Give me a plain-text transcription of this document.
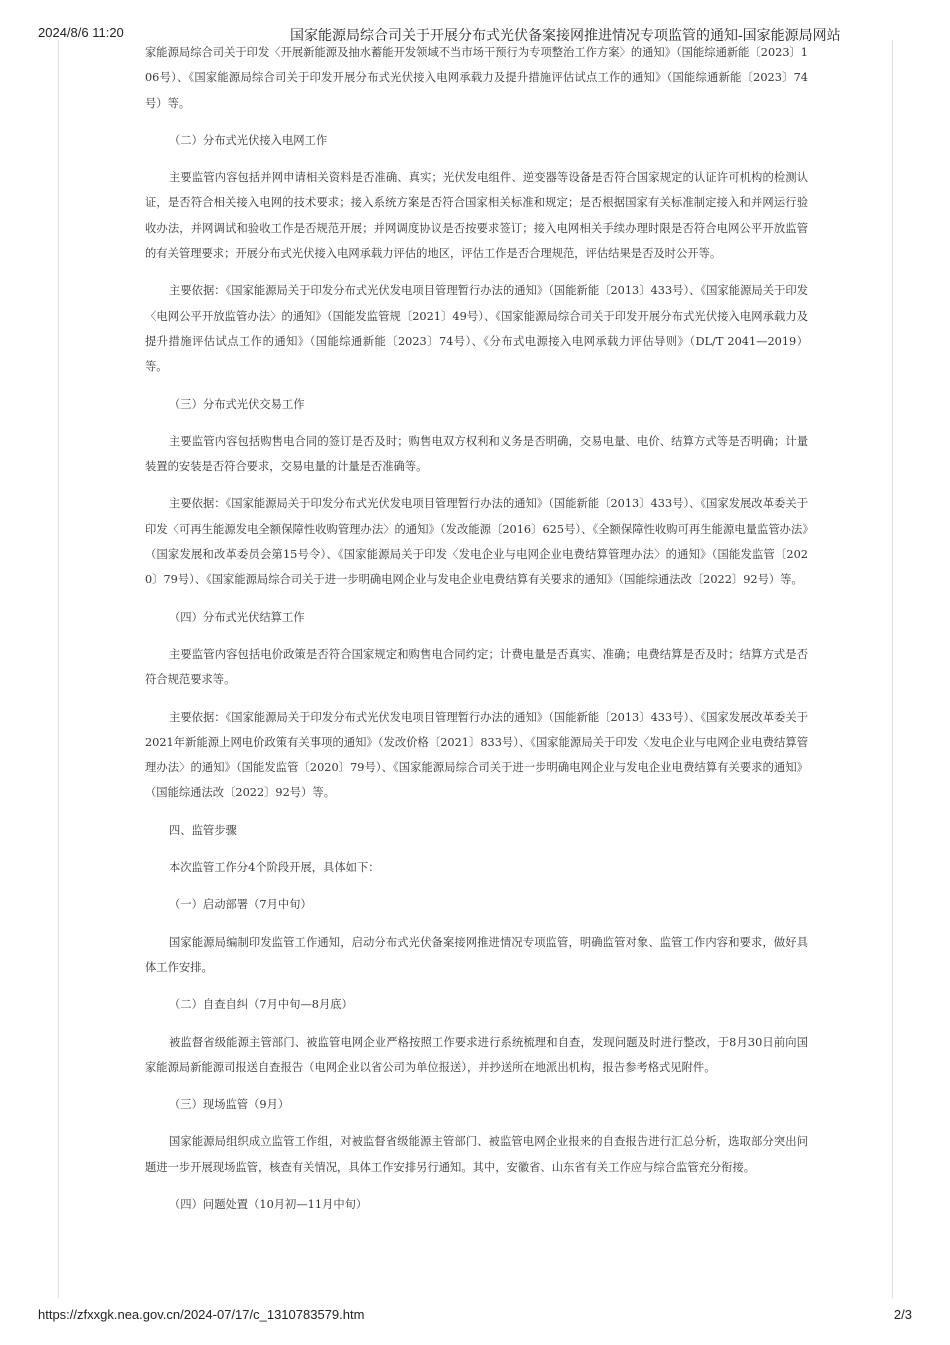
2024/8/6 11:20	国家能源局综合司关于开展分布式光伏备案接网推进情况专项监管的通知-国家能源局网站

家能源局综合司关于印发〈开展新能源及抽水蓄能开发领域不当市场干预行为专项整治工作方案〉的通知》（国能综通新能〔2023〕106号）、《国家能源局综合司关于印发开展分布式光伏接入电网承载力及提升措施评估试点工作的通知》（国能综通新能〔2023〕74号）等。

（二）分布式光伏接入电网工作

主要监管内容包括并网申请相关资料是否准确、真实；光伏发电组件、逆变器等设备是否符合国家规定的认证许可机构的检测认证，是否符合相关接入电网的技术要求；接入系统方案是否符合国家相关标准和规定；是否根据国家有关标准制定接入和并网运行验收办法，并网调试和验收工作是否规范开展；并网调度协议是否按要求签订；接入电网相关手续办理时限是否符合电网公平开放监管的有关管理要求；开展分布式光伏接入电网承载力评估的地区，评估工作是否合理规范，评估结果是否及时公开等。

主要依据：《国家能源局关于印发分布式光伏发电项目管理暂行办法的通知》（国能新能〔2013〕433号）、《国家能源局关于印发〈电网公平开放监管办法〉的通知》（国能发监管规〔2021〕49号）、《国家能源局综合司关于印发开展分布式光伏接入电网承载力及提升措施评估试点工作的通知》（国能综通新能〔2023〕74号）、《分布式电源接入电网承载力评估导则》（DL/T 2041—2019）等。

（三）分布式光伏交易工作

主要监管内容包括购售电合同的签订是否及时；购售电双方权利和义务是否明确，交易电量、电价、结算方式等是否明确；计量装置的安装是否符合要求，交易电量的计量是否准确等。

主要依据：《国家能源局关于印发分布式光伏发电项目管理暂行办法的通知》（国能新能〔2013〕433号）、《国家发展改革委关于印发〈可再生能源发电全额保障性收购管理办法〉的通知》（发改能源〔2016〕625号）、《全额保障性收购可再生能源电量监管办法》（国家发展和改革委员会第15号令）、《国家能源局关于印发〈发电企业与电网企业电费结算管理办法〉的通知》（国能发监管〔2020〕79号）、《国家能源局综合司关于进一步明确电网企业与发电企业电费结算有关要求的通知》（国能综通法改〔2022〕92号）等。

（四）分布式光伏结算工作

主要监管内容包括电价政策是否符合国家规定和购售电合同约定；计费电量是否真实、准确；电费结算是否及时；结算方式是否符合规范要求等。

主要依据：《国家能源局关于印发分布式光伏发电项目管理暂行办法的通知》（国能新能〔2013〕433号）、《国家发展改革委关于2021年新能源上网电价政策有关事项的通知》（发改价格〔2021〕833号）、《国家能源局关于印发〈发电企业与电网企业电费结算管理办法〉的通知》（国能发监管〔2020〕79号）、《国家能源局综合司关于进一步明确电网企业与发电企业电费结算有关要求的通知》（国能综通法改〔2022〕92号）等。

四、监管步骤

本次监管工作分4个阶段开展，具体如下：

（一）启动部署（7月中旬）

国家能源局编制印发监管工作通知，启动分布式光伏备案接网推进情况专项监管，明确监管对象、监管工作内容和要求，做好具体工作安排。

（二）自查自纠（7月中旬—8月底）

被监督省级能源主管部门、被监管电网企业严格按照工作要求进行系统梳理和自查，发现问题及时进行整改，于8月30日前向国家能源局新能源司报送自查报告（电网企业以省公司为单位报送），并抄送所在地派出机构，报告参考格式见附件。

（三）现场监管（9月）

国家能源局组织成立监管工作组，对被监督省级能源主管部门、被监管电网企业报来的自查报告进行汇总分析，选取部分突出问题进一步开展现场监管，核查有关情况，具体工作安排另行通知。其中，安徽省、山东省有关工作应与综合监管充分衔接。

（四）问题处置（10月初—11月中旬）

https://zfxxgk.nea.gov.cn/2024-07/17/c_1310783579.htm	2/3
